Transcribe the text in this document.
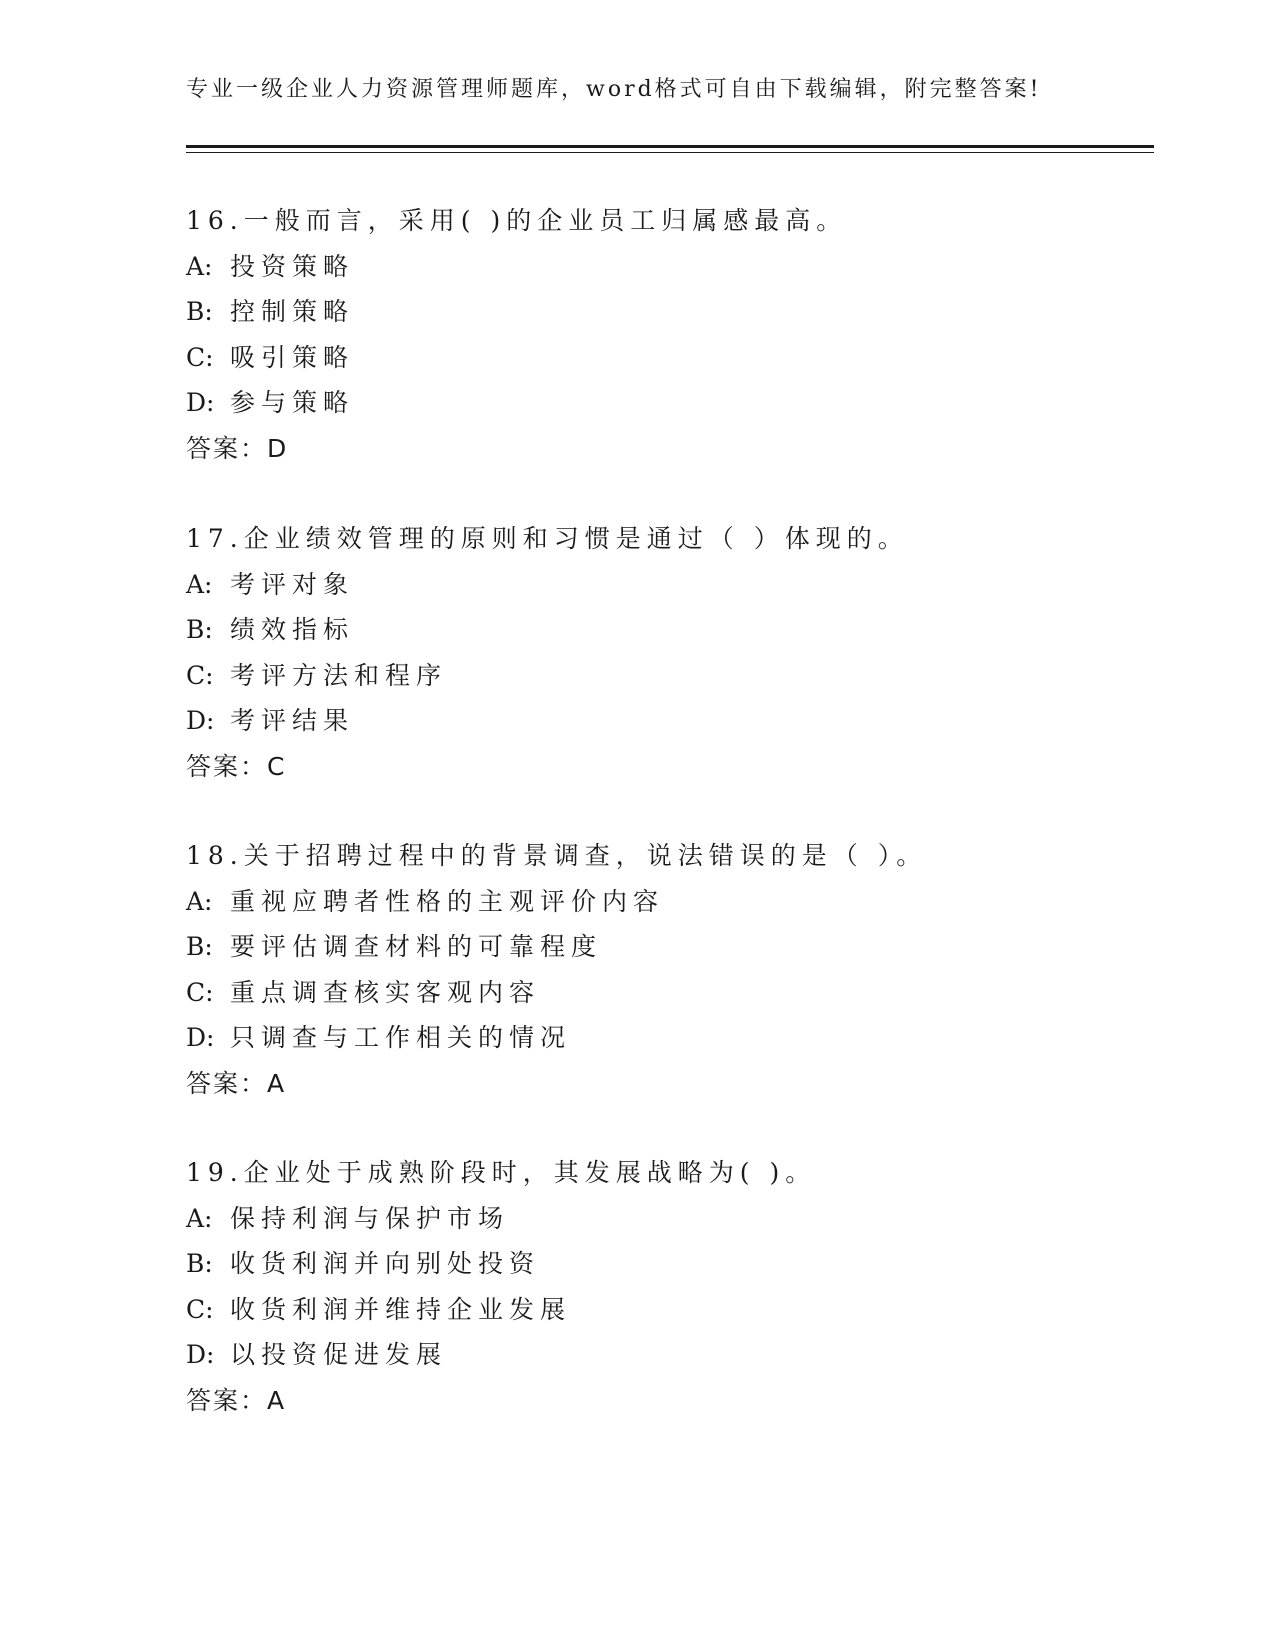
专业一级企业人力资源管理师题库，word格式可自由下载编辑，附完整答案!
16.一般而言，采用( )的企业员工归属感最高。
A: 投资策略
B: 控制策略
C: 吸引策略
D: 参与策略
答案：D
17.企业绩效管理的原则和习惯是通过（ ）体现的。
A: 考评对象
B: 绩效指标
C: 考评方法和程序
D: 考评结果
答案：C
18.关于招聘过程中的背景调查，说法错误的是（ ）。
A: 重视应聘者性格的主观评价内容
B: 要评估调查材料的可靠程度
C: 重点调查核实客观内容
D: 只调查与工作相关的情况
答案：A
19.企业处于成熟阶段时，其发展战略为( )。
A: 保持利润与保护市场
B: 收货利润并向别处投资
C: 收货利润并维持企业发展
D: 以投资促进发展
答案：A
